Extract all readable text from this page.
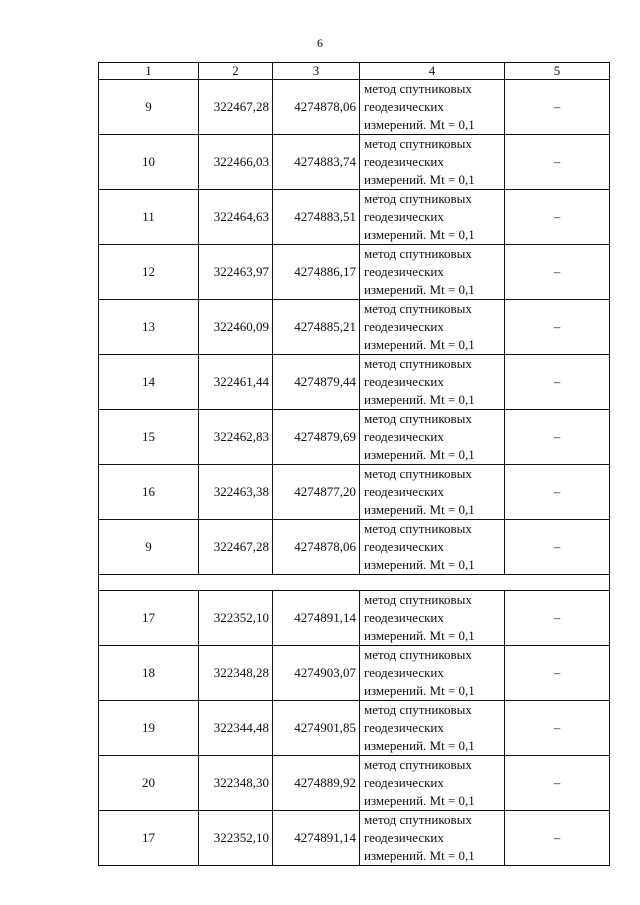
6
1	2	3	4	5
9	322467,28	4274878,06	метод спутниковых
геодезических
измерений. Mt = 0,1	–
10	322466,03	4274883,74	метод спутниковых
геодезических
измерений. Mt = 0,1	–
11	322464,63	4274883,51	метод спутниковых
геодезических
измерений. Mt = 0,1	–
12	322463,97	4274886,17	метод спутниковых
геодезических
измерений. Mt = 0,1	–
13	322460,09	4274885,21	метод спутниковых
геодезических
измерений. Mt = 0,1	–
14	322461,44	4274879,44	метод спутниковых
геодезических
измерений. Mt = 0,1	–
15	322462,83	4274879,69	метод спутниковых
геодезических
измерений. Mt = 0,1	–
16	322463,38	4274877,20	метод спутниковых
геодезических
измерений. Mt = 0,1	–
9	322467,28	4274878,06	метод спутниковых
геодезических
измерений. Mt = 0,1	–

17	322352,10	4274891,14	метод спутниковых
геодезических
измерений. Mt = 0,1	–
18	322348,28	4274903,07	метод спутниковых
геодезических
измерений. Mt = 0,1	–
19	322344,48	4274901,85	метод спутниковых
геодезических
измерений. Mt = 0,1	–
20	322348,30	4274889,92	метод спутниковых
геодезических
измерений. Mt = 0,1	–
17	322352,10	4274891,14	метод спутниковых
геодезических
измерений. Mt = 0,1	–
